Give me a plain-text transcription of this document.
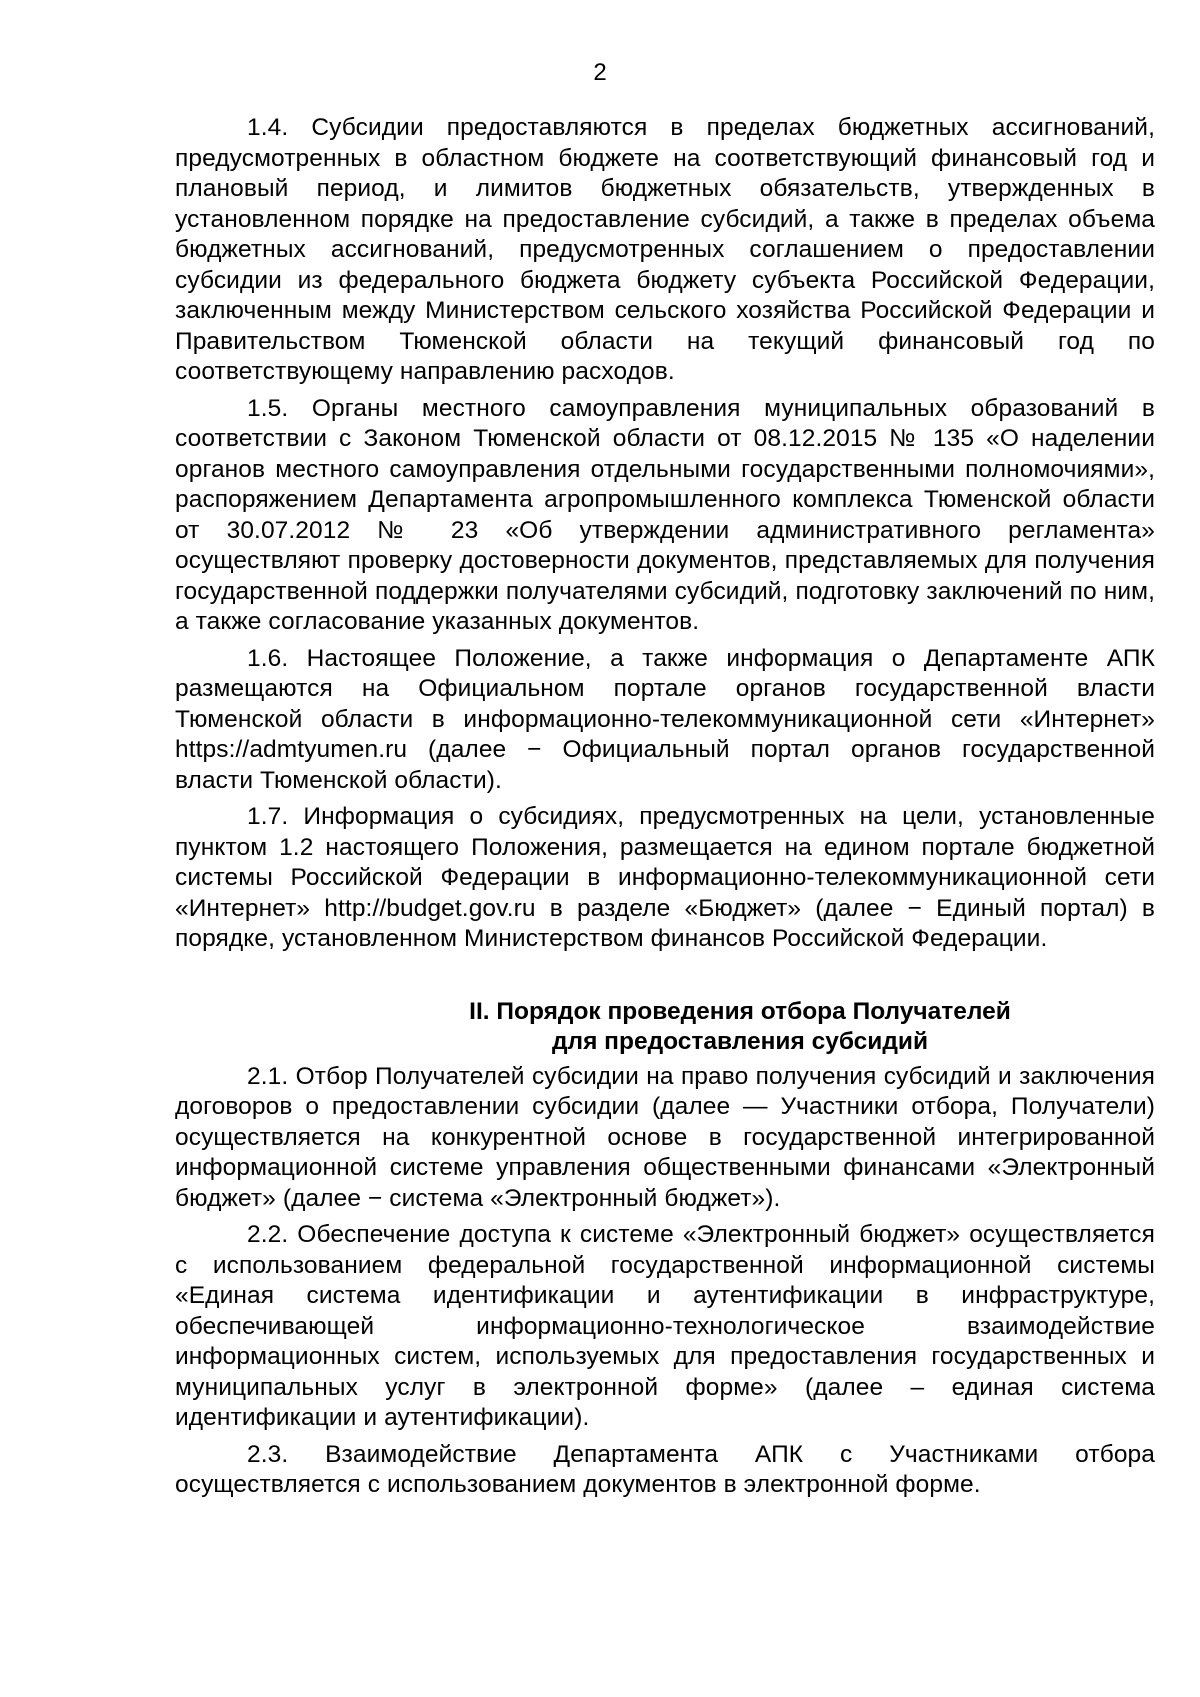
2

1.4. Субсидии предоставляются в пределах бюджетных ассигнований, предусмотренных в областном бюджете на соответствующий финансовый год и плановый период, и лимитов бюджетных обязательств, утвержденных в установленном порядке на предоставление субсидий, а также в пределах объема бюджетных ассигнований, предусмотренных соглашением о предоставлении субсидии из федерального бюджета бюджету субъекта Российской Федерации, заключенным между Министерством сельского хозяйства Российской Федерации и Правительством Тюменской области на текущий финансовый год по соответствующему направлению расходов.

1.5. Органы местного самоуправления муниципальных образований в соответствии с Законом Тюменской области от 08.12.2015 № 135 «О наделении органов местного самоуправления отдельными государственными полномочиями», распоряжением Департамента агропромышленного комплекса Тюменской области от 30.07.2012 № 23 «Об утверждении административного регламента» осуществляют проверку достоверности документов, представляемых для получения государственной поддержки получателями субсидий, подготовку заключений по ним, а также согласование указанных документов.

1.6. Настоящее Положение, а также информация о Департаменте АПК размещаются на Официальном портале органов государственной власти Тюменской области в информационно-телекоммуникационной сети «Интернет» https://admtyumen.ru (далее − Официальный портал органов государственной власти Тюменской области).

1.7. Информация о субсидиях, предусмотренных на цели, установленные пунктом 1.2 настоящего Положения, размещается на едином портале бюджетной системы Российской Федерации в информационно-телекоммуникационной сети «Интернет» http://budget.gov.ru в разделе «Бюджет» (далее − Единый портал) в порядке, установленном Министерством финансов Российской Федерации.

II. Порядок проведения отбора Получателей
для предоставления субсидий

2.1. Отбор Получателей субсидии на право получения субсидий и заключения договоров о предоставлении субсидии (далее — Участники отбора, Получатели) осуществляется на конкурентной основе в государственной интегрированной информационной системе управления общественными финансами «Электронный бюджет» (далее − система «Электронный бюджет»).

2.2. Обеспечение доступа к системе «Электронный бюджет» осуществляется с использованием федеральной государственной информационной системы «Единая система идентификации и аутентификации в инфраструктуре, обеспечивающей информационно-технологическое взаимодействие информационных систем, используемых для предоставления государственных и муниципальных услуг в электронной форме» (далее – единая система идентификации и аутентификации).

2.3. Взаимодействие Департамента АПК с Участниками отбора осуществляется с использованием документов в электронной форме.
